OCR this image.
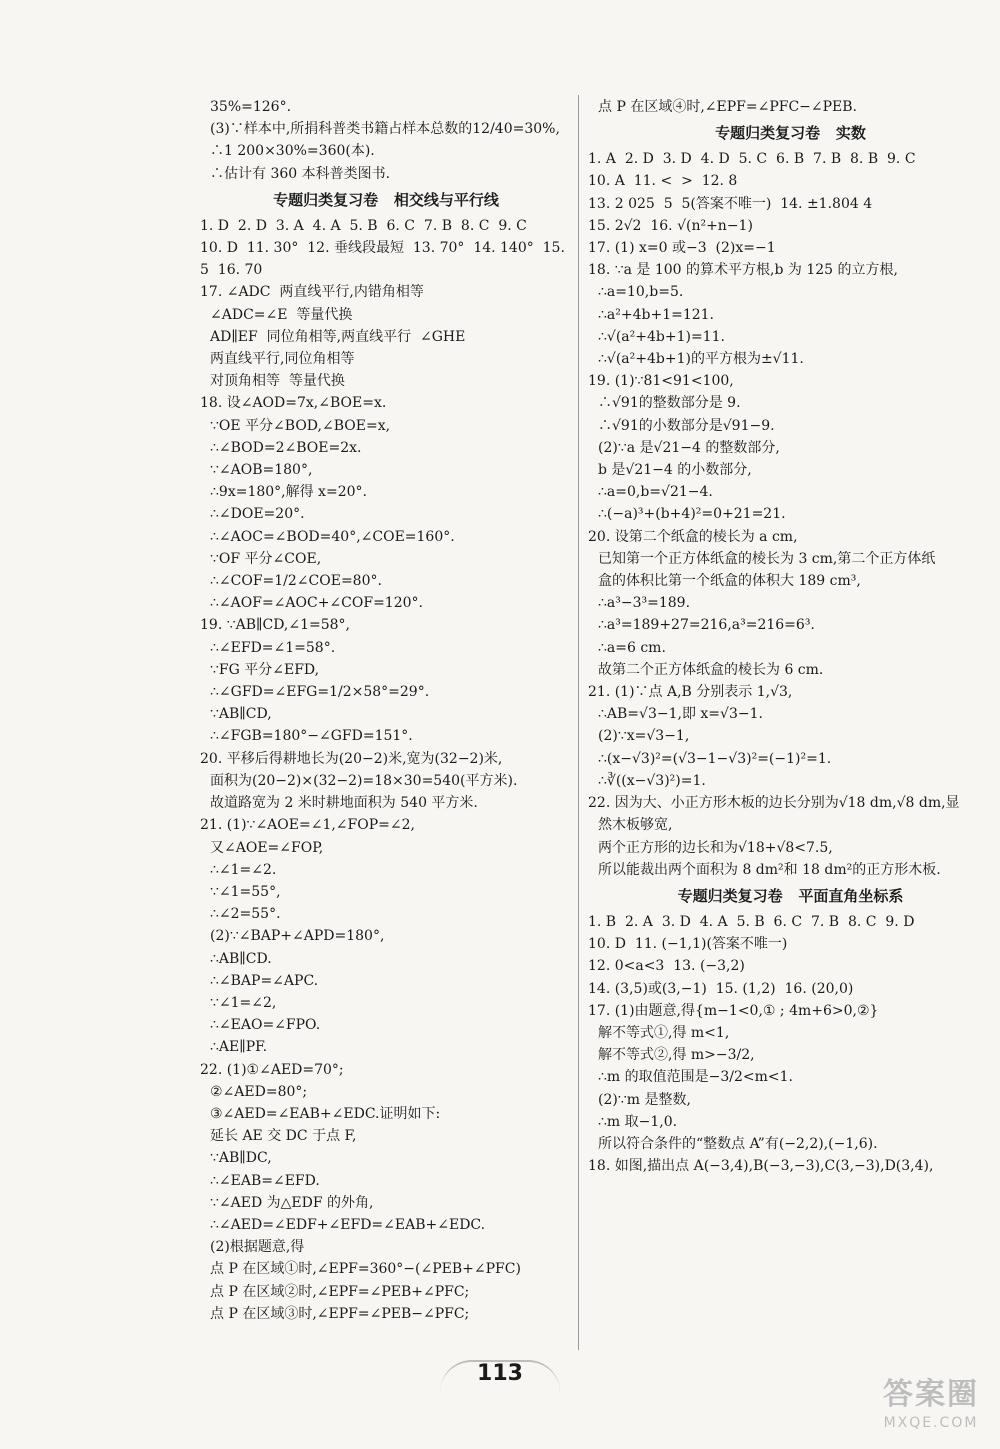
35%=126°.
(3)∵样本中,所捐科普类书籍占样本总数的12/40=30%,
∴1 200×30%=360(本).
∴估计有 360 本科普类图书.
专题归类复习卷   相交线与平行线
1. D  2. D  3. A  4. A  5. B  6. C  7. B  8. C  9. C
10. D  11. 30°  12. 垂线段最短  13. 70°  14. 140°  15.
5  16. 70
17. ∠ADC  两直线平行,内错角相等
∠ADC=∠E  等量代换
AD∥EF  同位角相等,两直线平行  ∠GHE
两直线平行,同位角相等
对顶角相等  等量代换
18. 设∠AOD=7x,∠BOE=x.
∵OE 平分∠BOD,∠BOE=x,
∴∠BOD=2∠BOE=2x.
∵∠AOB=180°,
∴9x=180°,解得 x=20°.
∴∠DOE=20°.
∴∠AOC=∠BOD=40°,∠COE=160°.
∵OF 平分∠COE,
∴∠COF=1/2∠COE=80°.
∴∠AOF=∠AOC+∠COF=120°.
19. ∵AB∥CD,∠1=58°,
∴∠EFD=∠1=58°.
∵FG 平分∠EFD,
∴∠GFD=∠EFG=1/2×58°=29°.
∵AB∥CD,
∴∠FGB=180°−∠GFD=151°.
20. 平移后得耕地长为(20−2)米,宽为(32−2)米,
面积为(20−2)×(32−2)=18×30=540(平方米).
故道路宽为 2 米时耕地面积为 540 平方米.
21. (1)∵∠AOE=∠1,∠FOP=∠2,
又∠AOE=∠FOP,
∴∠1=∠2.
∵∠1=55°,
∴∠2=55°.
(2)∵∠BAP+∠APD=180°,
∴AB∥CD.
∴∠BAP=∠APC.
∵∠1=∠2,
∴∠EAO=∠FPO.
∴AE∥PF.
22. (1)①∠AED=70°;
②∠AED=80°;
③∠AED=∠EAB+∠EDC.证明如下:
延长 AE 交 DC 于点 F,
∵AB∥DC,
∴∠EAB=∠EFD.
∵∠AED 为△EDF 的外角,
∴∠AED=∠EDF+∠EFD=∠EAB+∠EDC.
(2)根据题意,得
点 P 在区域①时,∠EPF=360°−(∠PEB+∠PFC)
点 P 在区域②时,∠EPF=∠PEB+∠PFC;
点 P 在区域③时,∠EPF=∠PEB−∠PFC;
点 P 在区域④时,∠EPF=∠PFC−∠PEB.
专题归类复习卷   实数
1. A  2. D  3. D  4. D  5. C  6. B  7. B  8. B  9. C
10. A  11. <  >  12. 8
13. 2 025  5  5(答案不唯一)  14. ±1.804 4
15. 2√2  16. √(n²+n−1)
17. (1) x=0 或−3  (2)x=−1
18. ∵a 是 100 的算术平方根,b 为 125 的立方根,
∴a=10,b=5.
∴a²+4b+1=121.
∴√(a²+4b+1)=11.
∴√(a²+4b+1)的平方根为±√11.
19. (1)∵81<91<100,
∴√91的整数部分是 9.
∴√91的小数部分是√91−9.
(2)∵a 是√21−4 的整数部分,
b 是√21−4 的小数部分,
∴a=0,b=√21−4.
∴(−a)³+(b+4)²=0+21=21.
20. 设第二个纸盒的棱长为 a cm,
已知第一个正方体纸盒的棱长为 3 cm,第二个正方体纸
盒的体积比第一个纸盒的体积大 189 cm³,
∴a³−3³=189.
∴a³=189+27=216,a³=216=6³.
∴a=6 cm.
故第二个正方体纸盒的棱长为 6 cm.
21. (1)∵点 A,B 分别表示 1,√3,
∴AB=√3−1,即 x=√3−1.
(2)∵x=√3−1,
∴(x−√3)²=(√3−1−√3)²=(−1)²=1.
∴∛((x−√3)²)=1.
22. 因为大、小正方形木板的边长分别为√18 dm,√8 dm,显
然木板够宽,
两个正方形的边长和为√18+√8<7.5,
所以能裁出两个面积为 8 dm²和 18 dm²的正方形木板.
专题归类复习卷   平面直角坐标系
1. B  2. A  3. D  4. A  5. B  6. C  7. B  8. C  9. D
10. D  11. (−1,1)(答案不唯一)
12. 0<a<3  13. (−3,2)
14. (3,5)或(3,−1)  15. (1,2)  16. (20,0)
17. (1)由题意,得{m−1<0,① ; 4m+6>0,②}
解不等式①,得 m<1,
解不等式②,得 m>−3/2,
∴m 的取值范围是−3/2<m<1.
(2)∵m 是整数,
∴m 取−1,0.
所以符合条件的“整数点 A”有(−2,2),(−1,6).
18. 如图,描出点 A(−3,4),B(−3,−3),C(3,−3),D(3,4),
113
答案圈
MXQE.COM
